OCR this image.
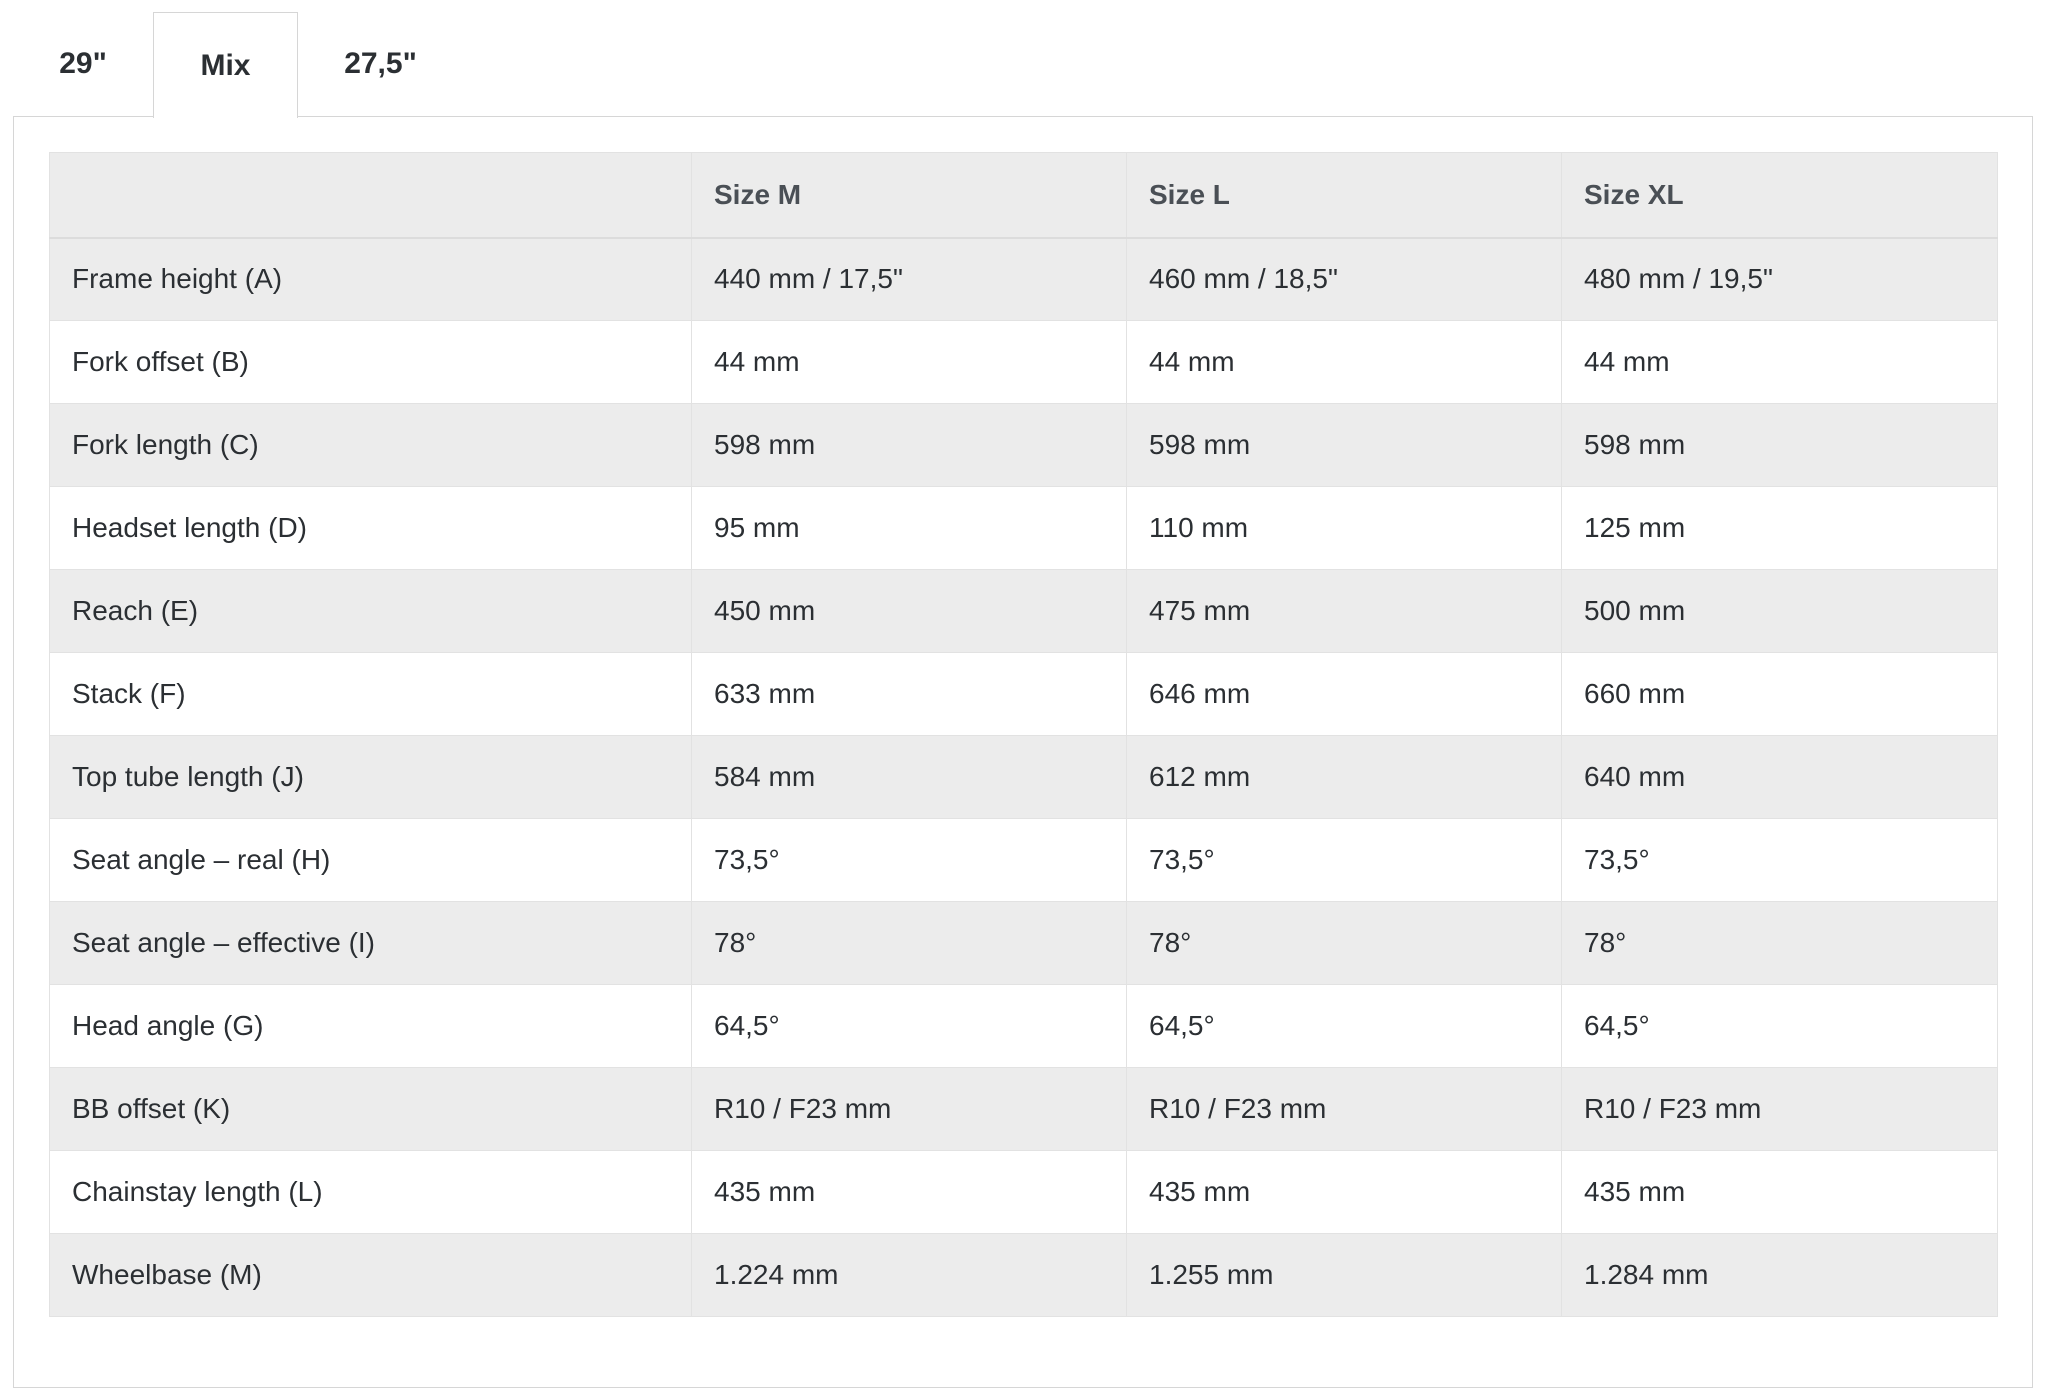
29"	Mix	27,5"
	Size M	Size L	Size XL
Frame height (A)	440 mm / 17,5"	460 mm / 18,5"	480 mm / 19,5"
Fork offset (B)	44 mm	44 mm	44 mm
Fork length (C)	598 mm	598 mm	598 mm
Headset length (D)	95 mm	110 mm	125 mm
Reach (E)	450 mm	475 mm	500 mm
Stack (F)	633 mm	646 mm	660 mm
Top tube length (J)	584 mm	612 mm	640 mm
Seat angle – real (H)	73,5°	73,5°	73,5°
Seat angle – effective (I)	78°	78°	78°
Head angle (G)	64,5°	64,5°	64,5°
BB offset (K)	R10 / F23 mm	R10 / F23 mm	R10 / F23 mm
Chainstay length (L)	435 mm	435 mm	435 mm
Wheelbase (M)	1.224 mm	1.255 mm	1.284 mm
